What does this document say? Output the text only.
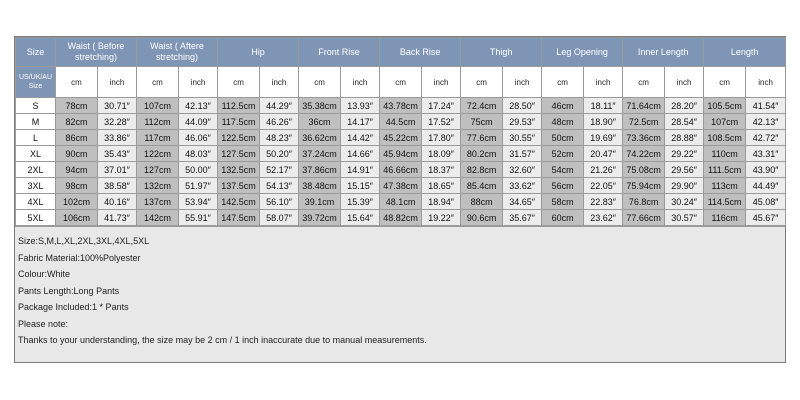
Size	Waist ( Before stretching)		Waist ( Aftere stretching)		Hip		Front Rise		Back Rise		Thigh		Leg Opening		Inner Length		Length	
US/UK/AU Size	cm	inch	cm	inch	cm	inch	cm	inch	cm	inch	cm	inch	cm	inch	cm	inch	cm	inch
S	78cm	30.71″	107cm	42.13″	112.5cm	44.29″	35.38cm	13.93″	43.78cm	17.24″	72.4cm	28.50″	46cm	18.11″	71.64cm	28.20″	105.5cm	41.54″
M	82cm	32.28″	112cm	44.09″	117.5cm	46.26″	36cm	14.17″	44.5cm	17.52″	75cm	29.53″	48cm	18.90″	72.5cm	28.54″	107cm	42.13″
L	86cm	33.86″	117cm	46.06″	122.5cm	48.23″	36.62cm	14.42″	45.22cm	17.80″	77.6cm	30.55″	50cm	19.69″	73.36cm	28.88″	108.5cm	42.72″
XL	90cm	35.43″	122cm	48.03″	127.5cm	50.20″	37.24cm	14.66″	45.94cm	18.09″	80.2cm	31.57″	52cm	20.47″	74.22cm	29.22″	110cm	43.31″
2XL	94cm	37.01″	127cm	50.00″	132.5cm	52.17″	37.86cm	14.91″	46.66cm	18.37″	82.8cm	32.60″	54cm	21.26″	75.08cm	29.56″	111.5cm	43.90″
3XL	98cm	38.58″	132cm	51.97″	137.5cm	54.13″	38.48cm	15.15″	47.38cm	18.65″	85.4cm	33.62″	56cm	22.05″	75.94cm	29.90″	113cm	44.49″
4XL	102cm	40.16″	137cm	53.94″	142.5cm	56.10″	39.1cm	15.39″	48.1cm	18.94″	88cm	34.65″	58cm	22.83″	76.8cm	30.24″	114.5cm	45.08″
5XL	106cm	41.73″	142cm	55.91″	147.5cm	58.07″	39.72cm	15.64″	48.82cm	19.22″	90.6cm	35.67″	60cm	23.62″	77.66cm	30.57″	116cm	45.67″
Size:S,M,L,XL,2XL,3XL,4XL,5XL
Fabric Material:100%Polyester
Colour:White
Pants Length:Long Pants
Package Included:1 * Pants
Please note:
Thanks to your understanding, the size may be 2 cm / 1 inch inaccurate due to manual measurements.
